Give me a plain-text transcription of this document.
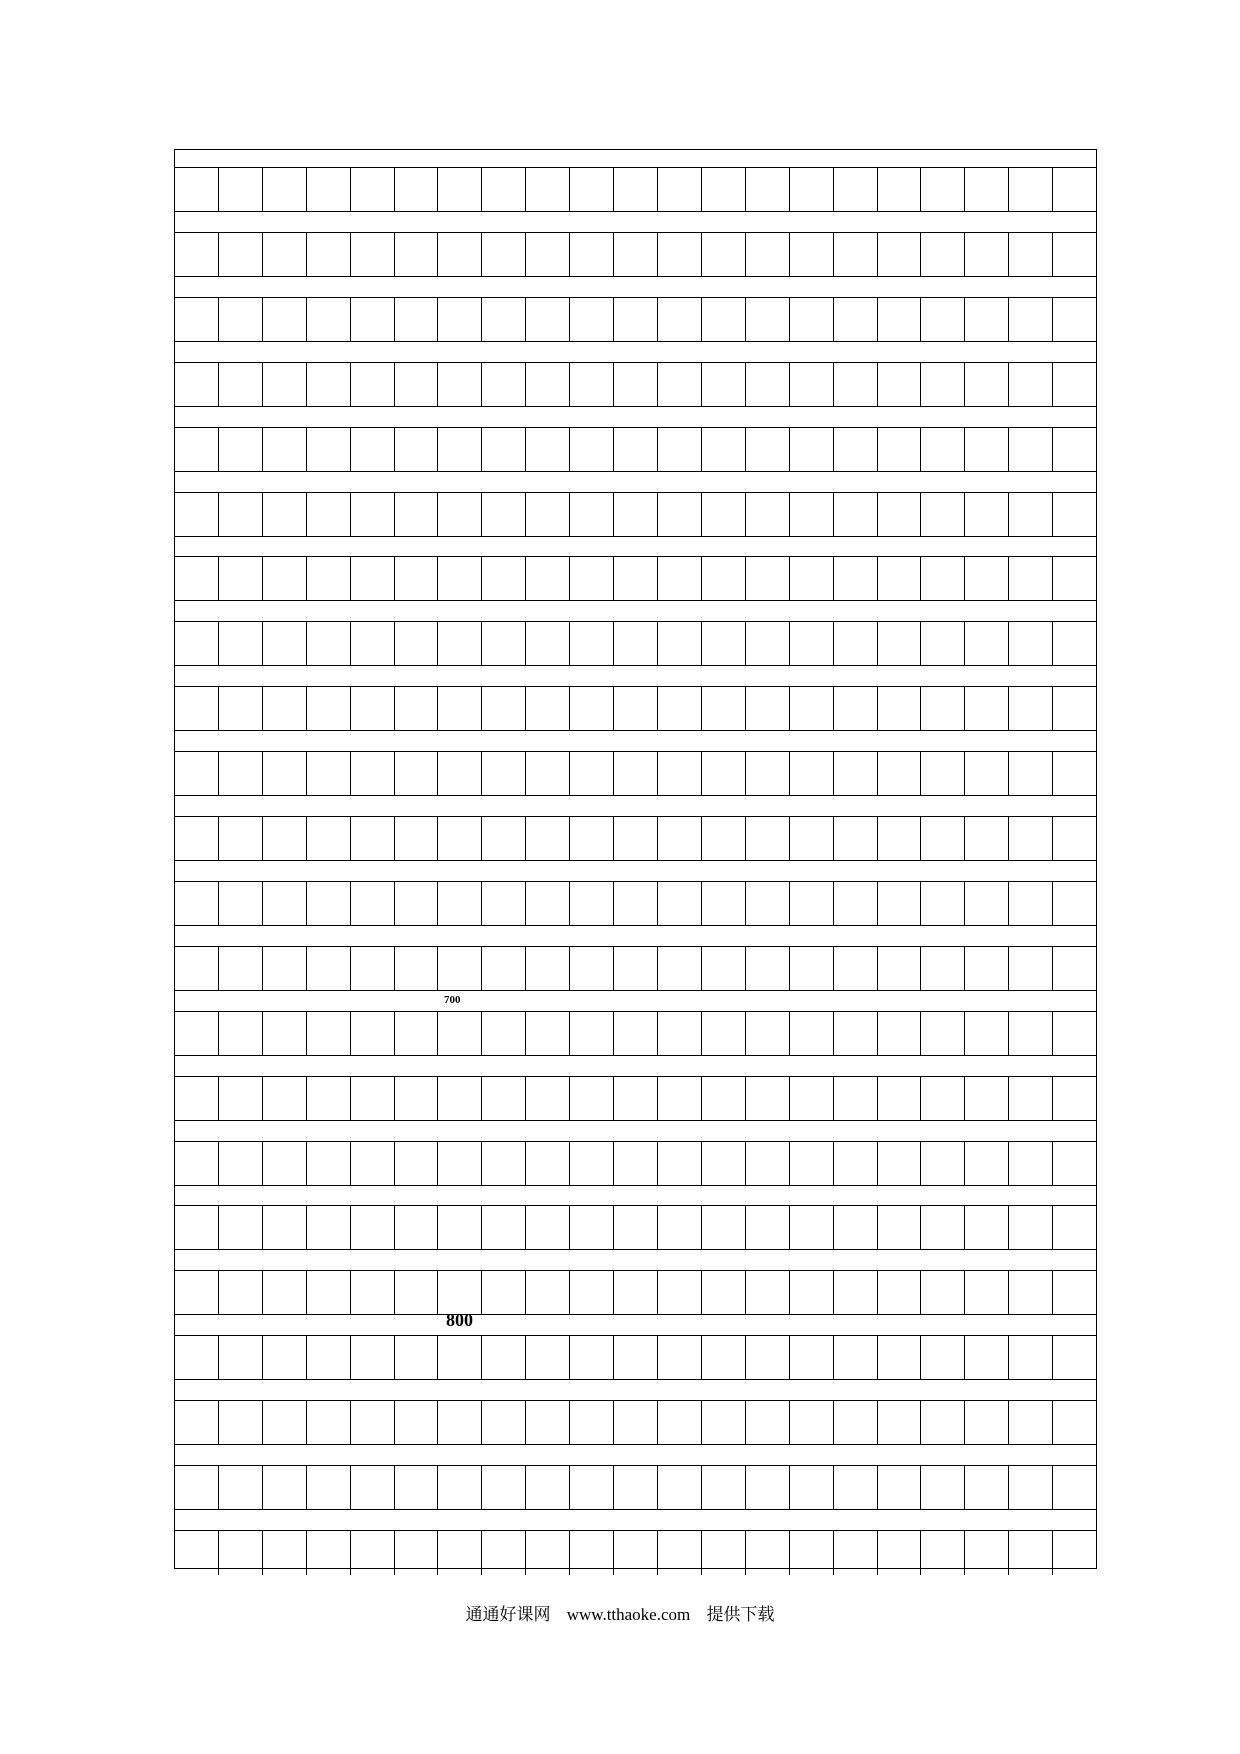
700
800
通通好课网 www.tthaoke.com 提供下载
